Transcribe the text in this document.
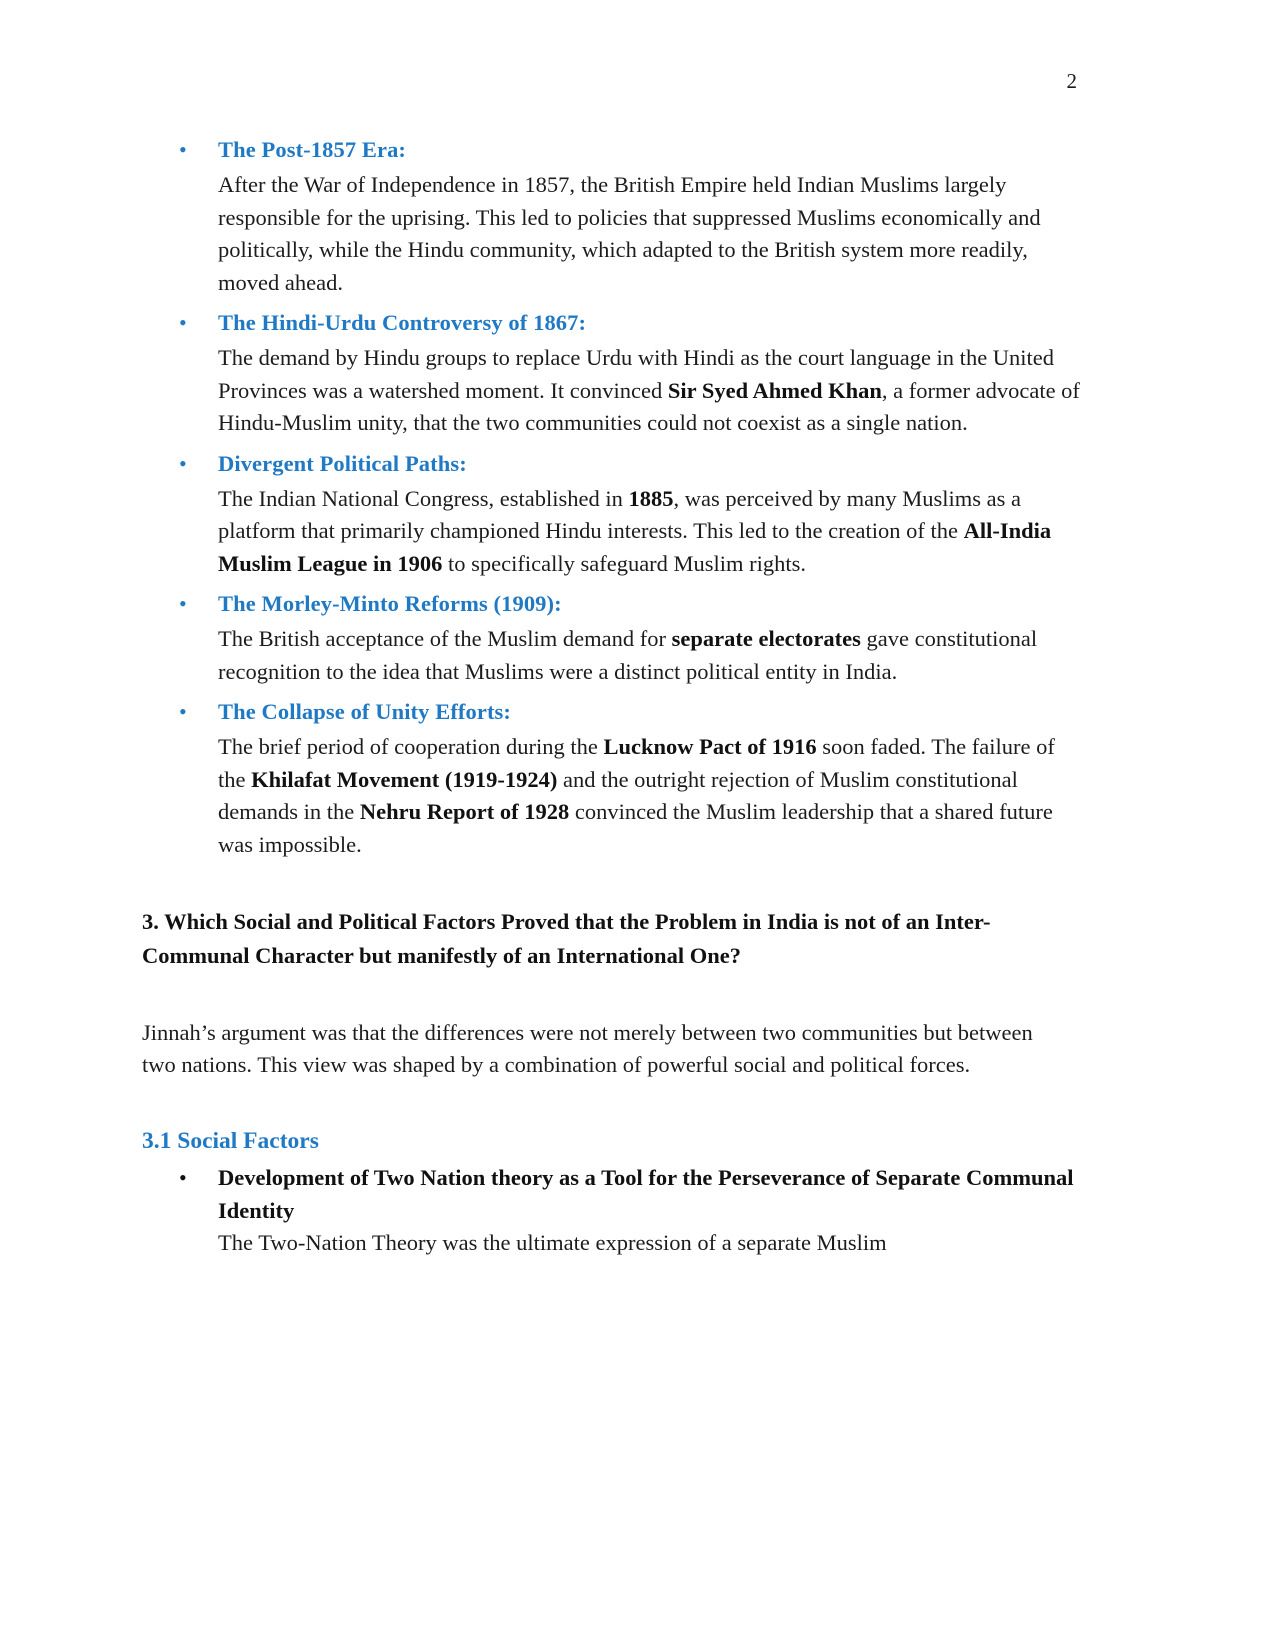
2
• The Post-1857 Era:
After the War of Independence in 1857, the British Empire held Indian Muslims largely responsible for the uprising. This led to policies that suppressed Muslims economically and politically, while the Hindu community, which adapted to the British system more readily, moved ahead.
• The Hindi-Urdu Controversy of 1867:
The demand by Hindu groups to replace Urdu with Hindi as the court language in the United Provinces was a watershed moment. It convinced Sir Syed Ahmed Khan, a former advocate of Hindu-Muslim unity, that the two communities could not coexist as a single nation.
• Divergent Political Paths:
The Indian National Congress, established in 1885, was perceived by many Muslims as a platform that primarily championed Hindu interests. This led to the creation of the All-India Muslim League in 1906 to specifically safeguard Muslim rights.
• The Morley-Minto Reforms (1909):
The British acceptance of the Muslim demand for separate electorates gave constitutional recognition to the idea that Muslims were a distinct political entity in India.
• The Collapse of Unity Efforts:
The brief period of cooperation during the Lucknow Pact of 1916 soon faded. The failure of the Khilafat Movement (1919-1924) and the outright rejection of Muslim constitutional demands in the Nehru Report of 1928 convinced the Muslim leadership that a shared future was impossible.
3. Which Social and Political Factors Proved that the Problem in India is not of an Inter-Communal Character but manifestly of an International One?
Jinnah’s argument was that the differences were not merely between two communities but between two nations. This view was shaped by a combination of powerful social and political forces.
3.1 Social Factors
• Development of Two Nation theory as a Tool for the Perseverance of Separate Communal Identity
The Two-Nation Theory was the ultimate expression of a separate Muslim
